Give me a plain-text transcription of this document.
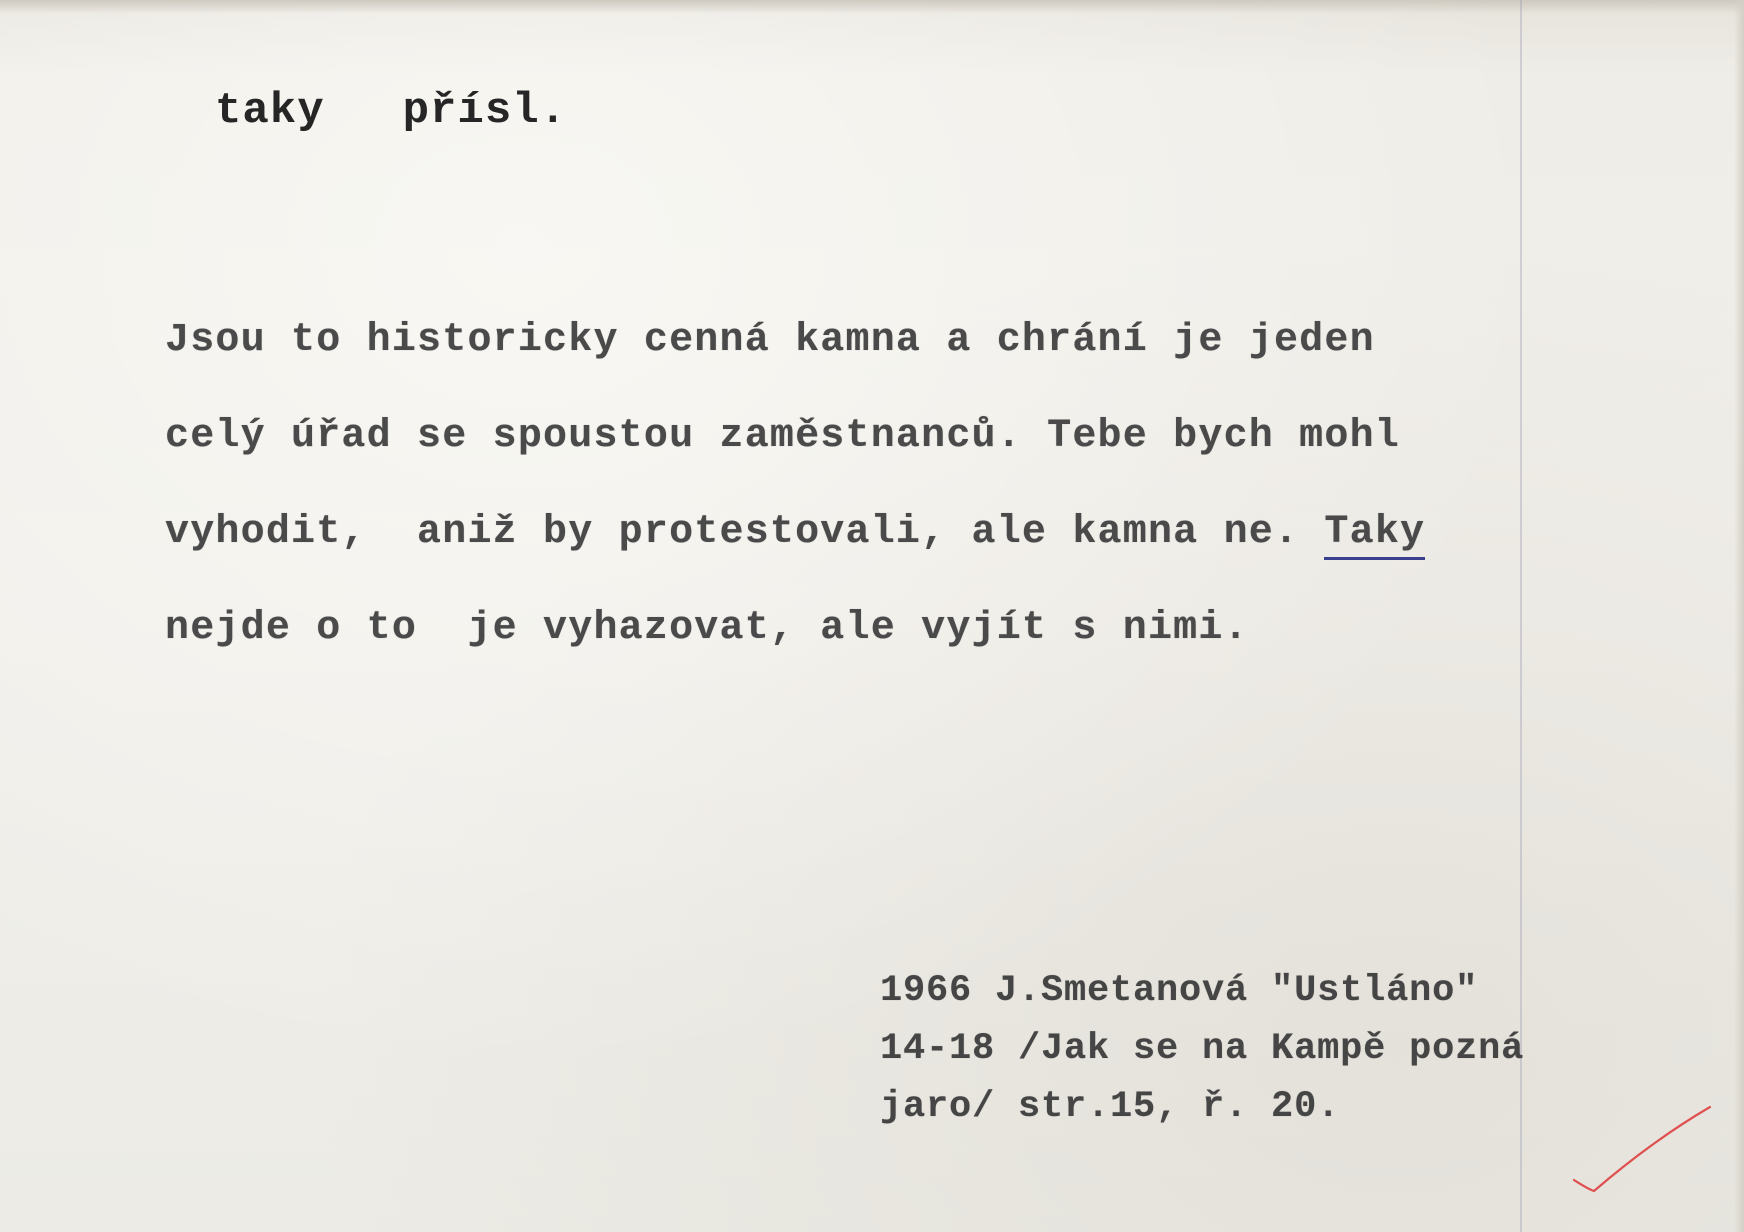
taky přísl.
Jsou to historicky cenná kamna a chrání je jeden
celý úřad se spoustou zaměstnanců. Tebe bych mohl
vyhodit,  aniž by protestovali, ale kamna ne. Taky
nejde o to  je vyhazovat, ale vyjít s nimi.
1966 J.Smetanová "Ustláno"
14-18 /Jak se na Kampě pozná
jaro/ str.15, ř. 20.
